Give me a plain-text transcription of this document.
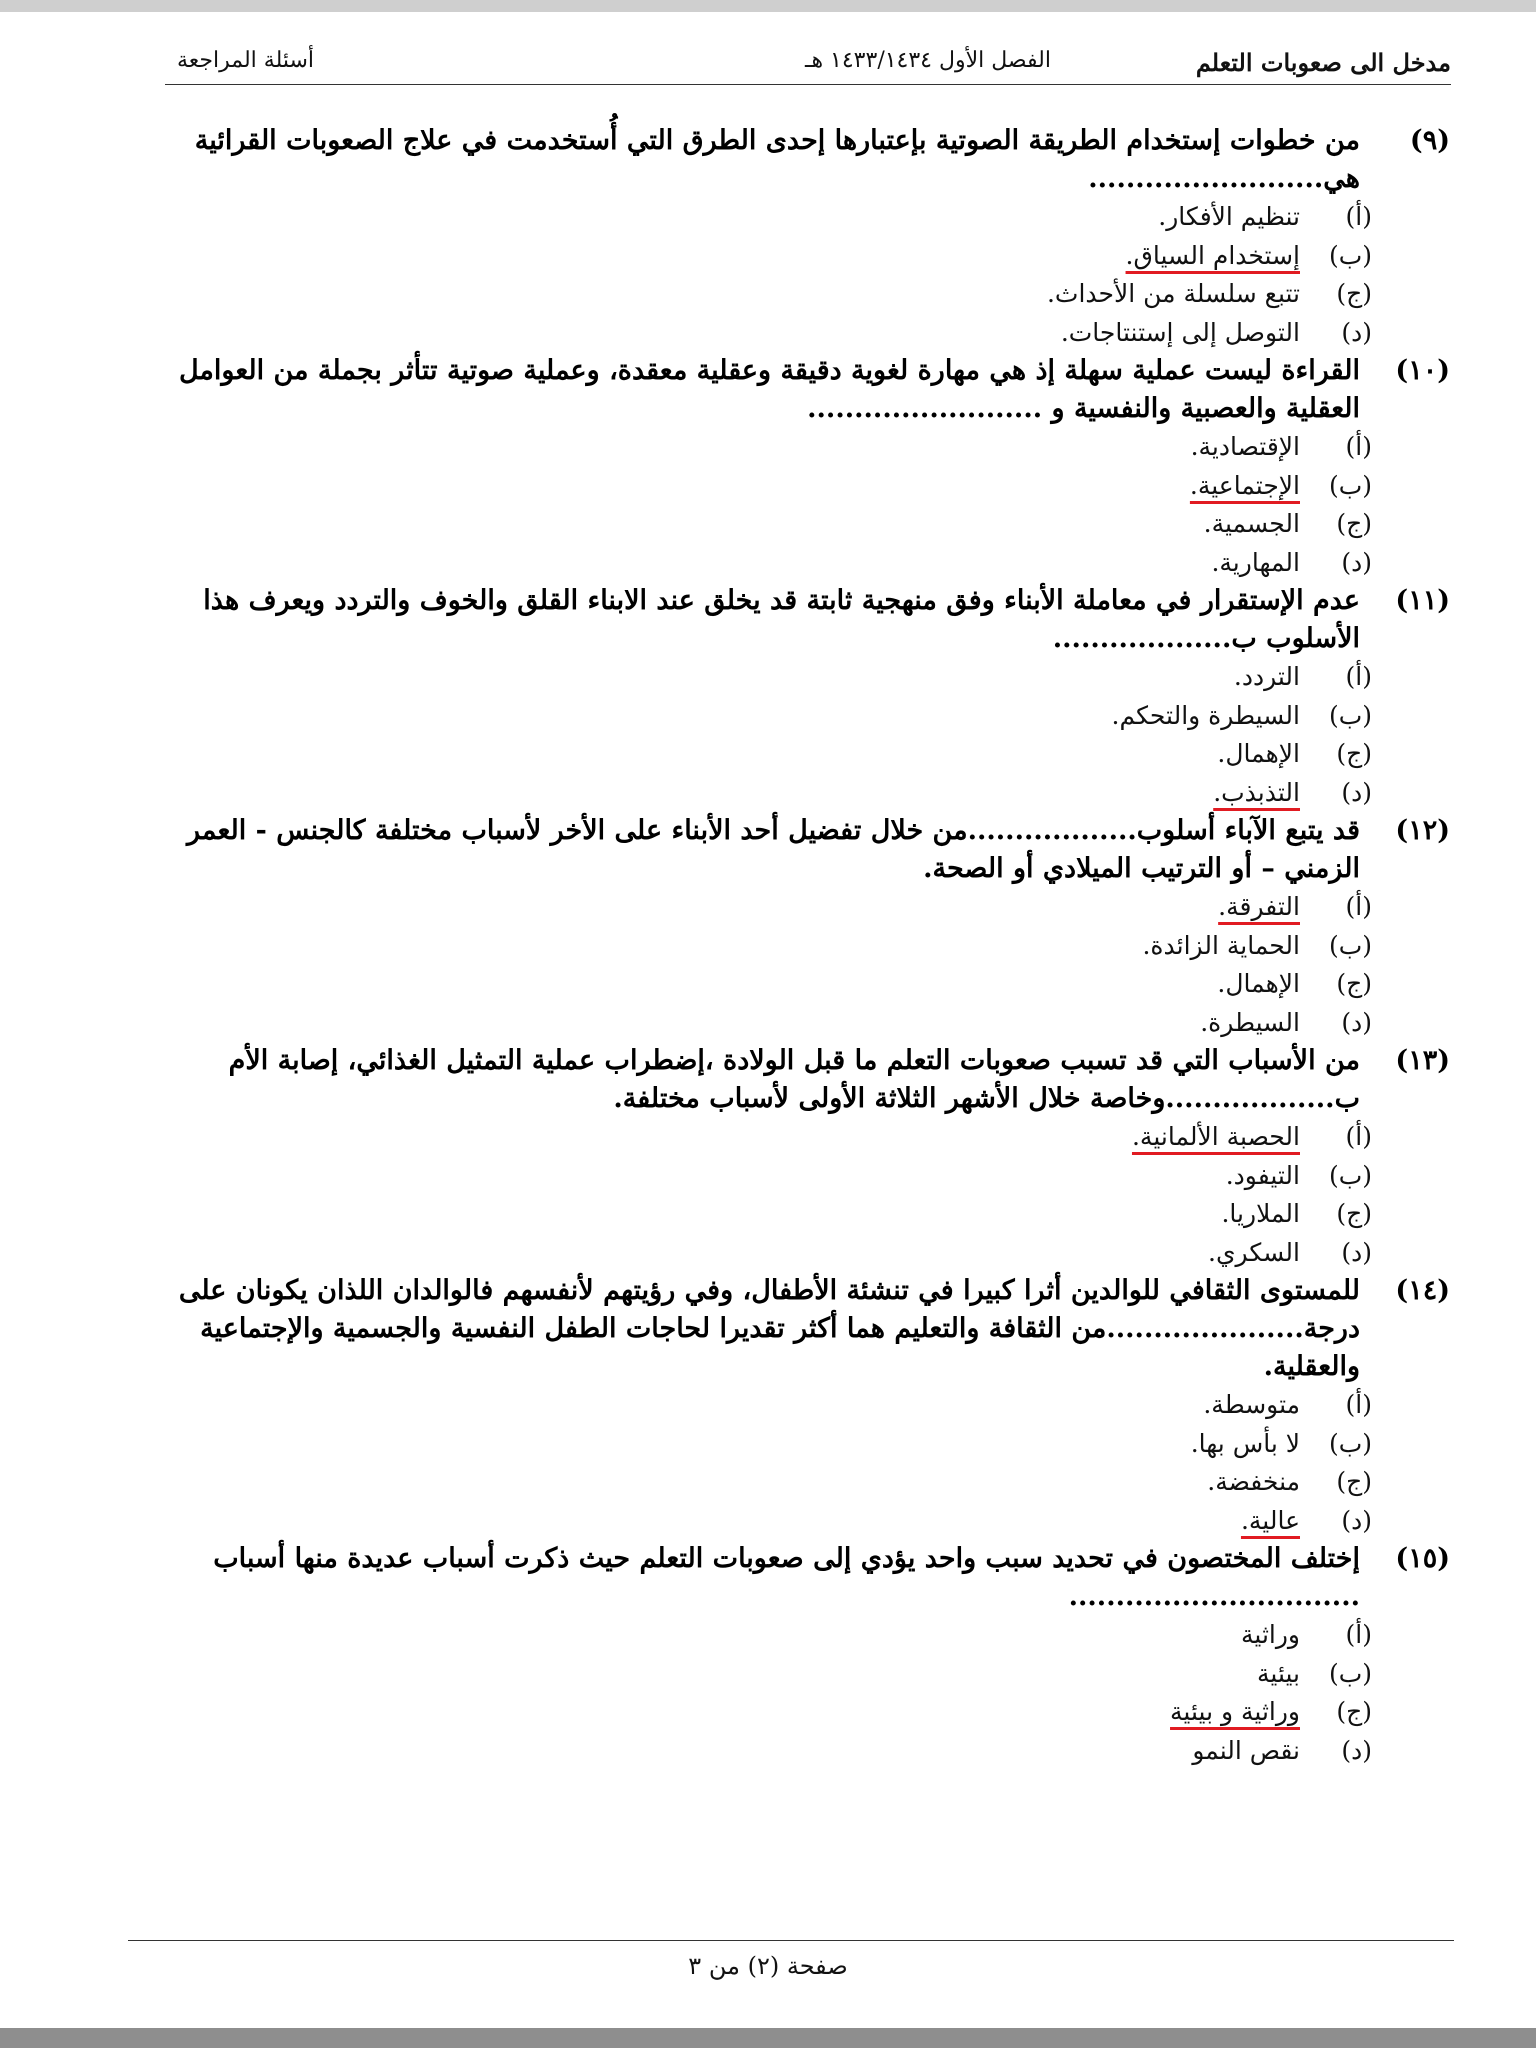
مدخل الى صعوبات التعلم
الفصل الأول ١٤٣٣/١٤٣٤ هـ
أسئلة المراجعة
(٩)
من خطوات إستخدام الطريقة الصوتية بإعتبارها إحدى الطرق التي أُستخدمت في علاج الصعوبات القرائية هي.........................
(أ)
تنظيم الأفكار.
(ب)
إستخدام السياق.
(ج)
تتبع سلسلة من الأحداث.
(د)
التوصل إلى إستنتاجات.
(١٠)
القراءة ليست عملية سهلة إذ هي مهارة لغوية دقيقة وعقلية معقدة، وعملية صوتية تتأثر بجملة من العوامل العقلية والعصبية والنفسية و .........................
(أ)
الإقتصادية.
(ب)
الإجتماعية.
(ج)
الجسمية.
(د)
المهارية.
(١١)
عدم الإستقرار في معاملة الأبناء وفق منهجية ثابتة قد يخلق عند الابناء القلق والخوف والتردد ويعرف هذا الأسلوب ب...................
(أ)
التردد.
(ب)
السيطرة والتحكم.
(ج)
الإهمال.
(د)
التذبذب.
(١٢)
قد يتبع الآباء أسلوب..................من خلال تفضيل أحد الأبناء على الأخر لأسباب مختلفة كالجنس - العمر الزمني – أو الترتيب الميلادي أو الصحة.
(أ)
التفرقة.
(ب)
الحماية الزائدة.
(ج)
الإهمال.
(د)
السيطرة.
(١٣)
من الأسباب التي قد تسبب صعوبات التعلم ما قبل الولادة ،إضطراب عملية التمثيل الغذائي، إصابة الأم ب..................وخاصة خلال الأشهر الثلاثة الأولى لأسباب مختلفة.
(أ)
الحصبة الألمانية.
(ب)
التيفود.
(ج)
الملاريا.
(د)
السكري.
(١٤)
للمستوى الثقافي للوالدين أثرا كبيرا في تنشئة الأطفال، وفي رؤيتهم لأنفسهم فالوالدان اللذان يكونان على درجة.....................من الثقافة والتعليم هما أكثر تقديرا لحاجات الطفل النفسية والجسمية والإجتماعية والعقلية.
(أ)
متوسطة.
(ب)
لا بأس بها.
(ج)
منخفضة.
(د)
عالية.
(١٥)
إختلف المختصون في تحديد سبب واحد يؤدي إلى صعوبات التعلم حيث ذكرت أسباب عديدة منها أسباب ...............................
(أ)
وراثية
(ب)
بيئية
(ج)
وراثية و بيئية
(د)
نقص النمو
صفحة (٢) من ٣
